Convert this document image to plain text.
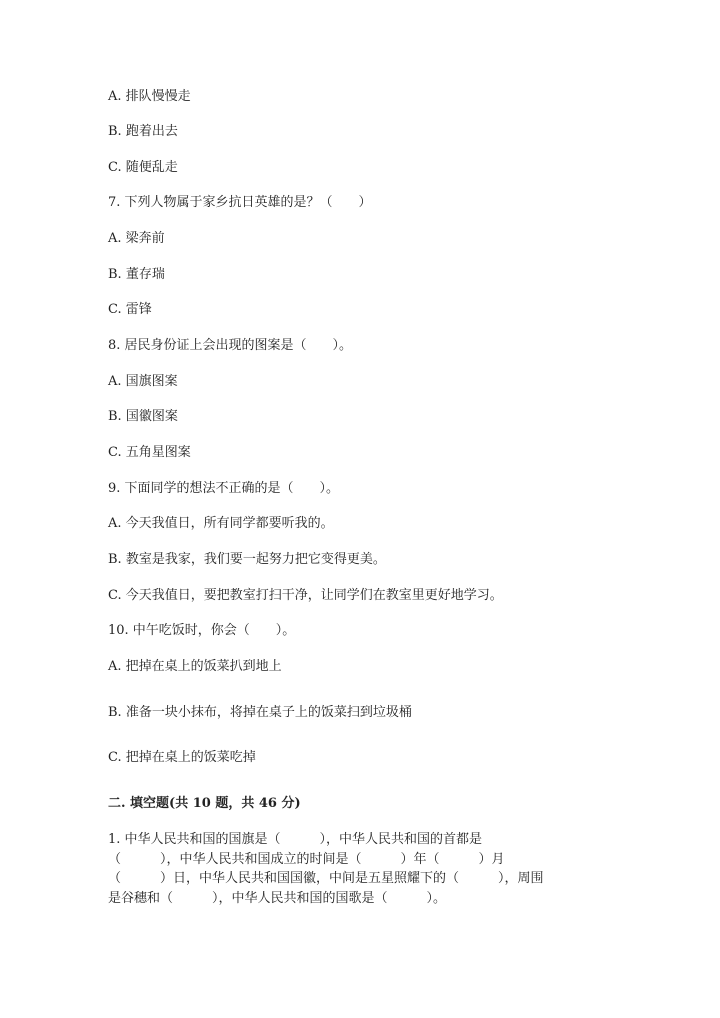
A. 排队慢慢走
B. 跑着出去
C. 随便乱走
7. 下列人物属于家乡抗日英雄的是？（　　）
A. 梁奔前
B. 董存瑞
C. 雷锋
8. 居民身份证上会出现的图案是（　　）。
A. 国旗图案
B. 国徽图案
C. 五角星图案
9. 下面同学的想法不正确的是（　　）。
A. 今天我值日，所有同学都要听我的。
B. 教室是我家，我们要一起努力把它变得更美。
C. 今天我值日，要把教室打扫干净，让同学们在教室里更好地学习。
10. 中午吃饭时，你会（　　）。
A. 把掉在桌上的饭菜扒到地上
B. 准备一块小抹布，将掉在桌子上的饭菜扫到垃圾桶
C. 把掉在桌上的饭菜吃掉
二. 填空题(共 10 题，共 46 分)
1. 中华人民共和国的国旗是（　　　），中华人民共和国的首都是
（　　　），中华人民共和国成立的时间是（　　　）年（　　　）月
（　　　）日，中华人民共和国国徽，中间是五星照耀下的（　　　），周围
是谷穗和（　　　），中华人民共和国的国歌是（　　　）。
